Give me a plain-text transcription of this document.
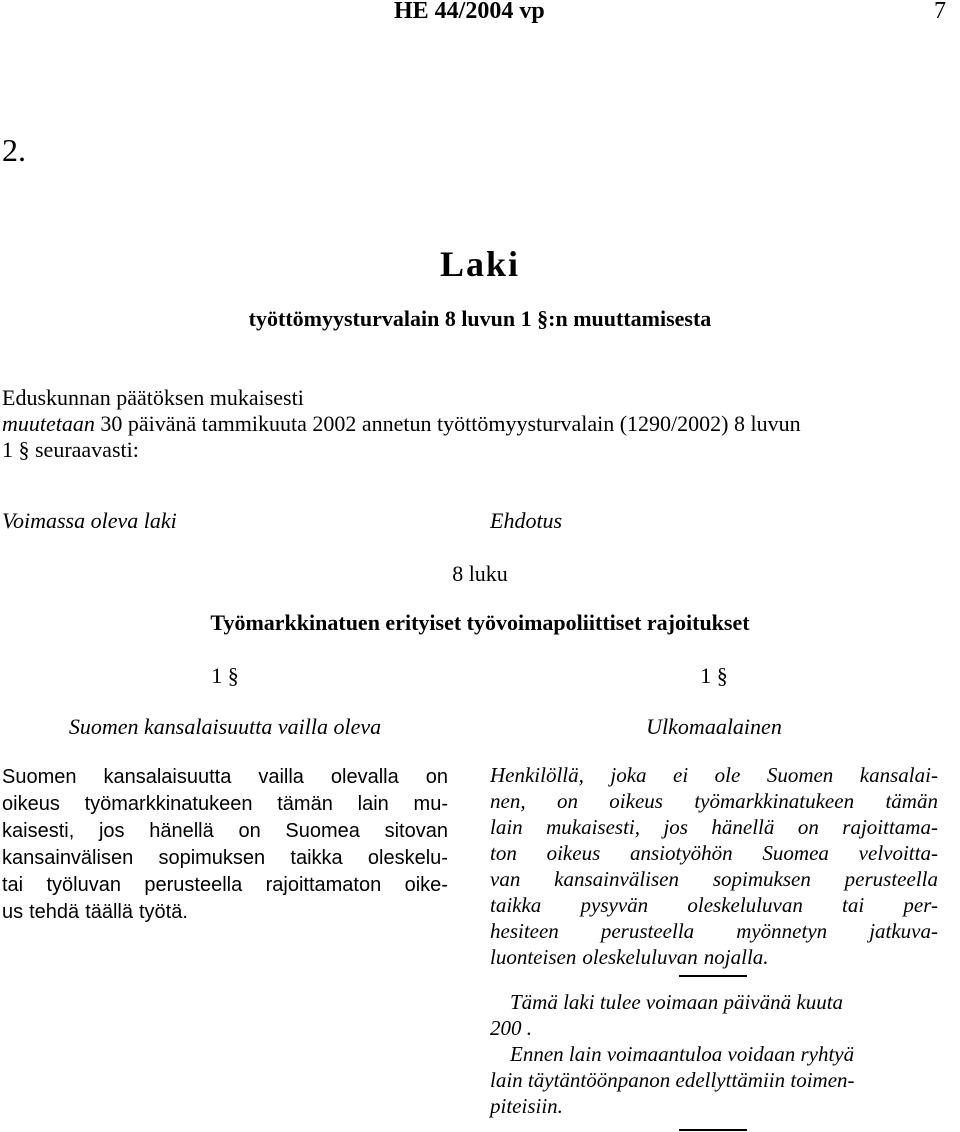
HE 44/2004 vp	7
2.
Laki
työttömyysturvalain 8 luvun 1 §:n muuttamisesta
Eduskunnan päätöksen mukaisesti
muutetaan 30 päivänä tammikuuta 2002 annetun työttömyysturvalain (1290/2002) 8 luvun
1 § seuraavasti:
Voimassa oleva laki	Ehdotus
8 luku
Työmarkkinatuen erityiset työvoimapoliittiset rajoitukset
1 §
Suomen kansalaisuutta vailla oleva
1 §
Ulkomaalainen
Suomen kansalaisuutta vailla olevalla on
oikeus työmarkkinatukeen tämän lain mu-
kaisesti, jos hänellä on Suomea sitovan
kansainvälisen sopimuksen taikka oleskelu-
tai työluvan perusteella rajoittamaton oike-
us tehdä täällä työtä.
Henkilöllä, joka ei ole Suomen kansalai-
nen, on oikeus työmarkkinatukeen tämän
lain mukaisesti, jos hänellä on rajoittama-
ton oikeus ansiotyöhön Suomea velvoitta-
van kansainvälisen sopimuksen perusteella
taikka pysyvän oleskeluluvan tai per-
hesiteen perusteella myönnetyn jatkuva-
luonteisen oleskeluluvan nojalla.
Tämä laki tulee voimaan päivänä kuuta
200 .
Ennen lain voimaantuloa voidaan ryhtyä
lain täytäntöönpanon edellyttämiin toimen-
piteisiin.
